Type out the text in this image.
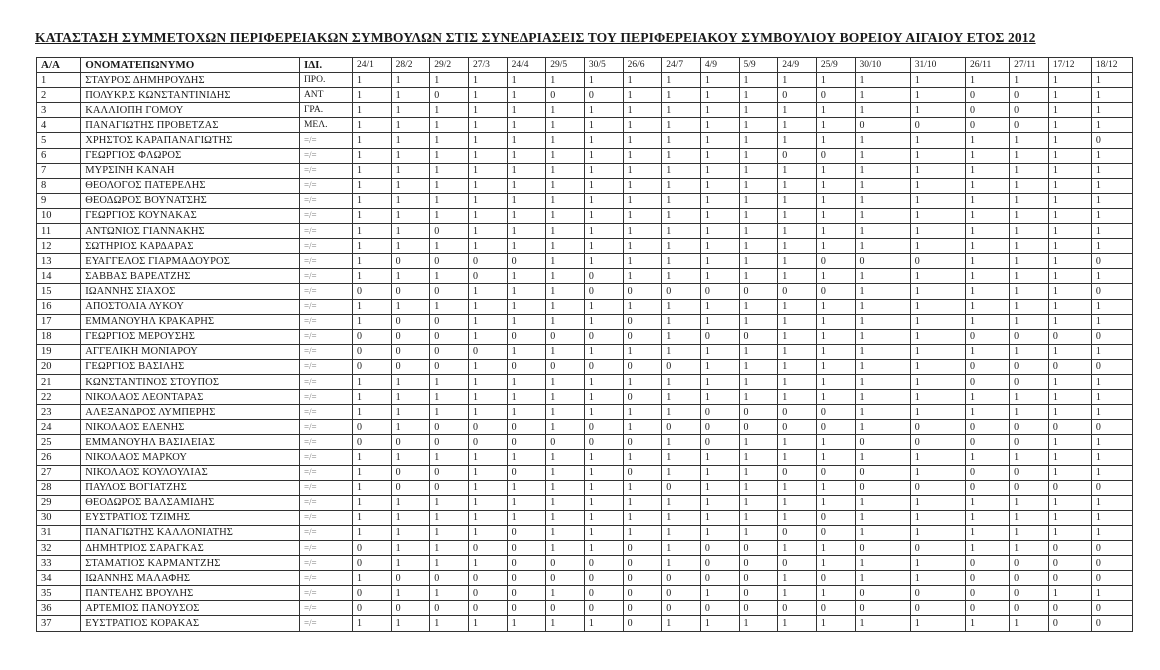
ΚΑΤΑΣΤΑΣΗ ΣΥΜΜΕΤΟΧΩΝ ΠΕΡΙΦΕΡΕΙΑΚΩΝ ΣΥΜΒΟΥΛΩΝ ΣΤΙΣ ΣΥΝΕΔΡΙΑΣΕΙΣ ΤΟΥ ΠΕΡΙΦΕΡΕΙΑΚΟΥ ΣΥΜΒΟΥΛΙΟΥ ΒΟΡΕΙΟΥ ΑΙΓΑΙΟΥ ΕΤΟΣ 2012
Α/Α	ΟΝΟΜΑΤΕΠΩΝΥΜΟ	ΙΔΙ.	24/1	28/2	29/2	27/3	24/4	29/5	30/5	26/6	24/7	4/9	5/9	24/9	25/9	30/10	31/10	26/11	27/11	17/12	18/12
1	ΣΤΑΥΡΟΣ ΔΗΜΗΡΟΥΔΗΣ	ΠΡΟ.	1	1	1	1	1	1	1	1	1	1	1	1	1	1	1	1	1	1	1
2	ΠΟΛΥΚΡ.Σ ΚΩΝΣΤΑΝΤΙΝΙΔΗΣ	ΑΝΤ	1	1	0	1	1	0	0	1	1	1	1	0	0	1	1	0	0	1	1
3	ΚΑΛΛΙΟΠΗ ΓΟΜΟΥ	ΓΡΑ.	1	1	1	1	1	1	1	1	1	1	1	1	1	1	1	0	0	1	1
4	ΠΑΝΑΓΙΩΤΗΣ ΠΡΟΒΕΤΖΑΣ	ΜΕΛ.	1	1	1	1	1	1	1	1	1	1	1	1	1	0	0	0	0	1	1
5	ΧΡΗΣΤΟΣ ΚΑΡΑΠΑΝΑΓΙΩΤΗΣ	=/=	1	1	1	1	1	1	1	1	1	1	1	1	1	1	1	1	1	1	0
6	ΓΕΩΡΓΙΟΣ ΦΛΩΡΟΣ	=/=	1	1	1	1	1	1	1	1	1	1	1	0	0	1	1	1	1	1	1
7	ΜΥΡΣΙΝΗ ΚΑΝΑΗ	=/=	1	1	1	1	1	1	1	1	1	1	1	1	1	1	1	1	1	1	1
8	ΘΕΟΛΟΓΟΣ ΠΑΤΕΡΕΛΗΣ	=/=	1	1	1	1	1	1	1	1	1	1	1	1	1	1	1	1	1	1	1
9	ΘΕΟΔΩΡΟΣ ΒΟΥΝΑΤΣΗΣ	=/=	1	1	1	1	1	1	1	1	1	1	1	1	1	1	1	1	1	1	1
10	ΓΕΩΡΓΙΟΣ ΚΟΥΝΑΚΑΣ	=/=	1	1	1	1	1	1	1	1	1	1	1	1	1	1	1	1	1	1	1
11	ΑΝΤΩΝΙΟΣ ΓΙΑΝΝΑΚΗΣ	=/=	1	1	0	1	1	1	1	1	1	1	1	1	1	1	1	1	1	1	1
12	ΣΩΤΗΡΙΟΣ ΚΑΡΔΑΡΑΣ	=/=	1	1	1	1	1	1	1	1	1	1	1	1	1	1	1	1	1	1	1
13	ΕΥΑΓΓΕΛΟΣ ΓΙΑΡΜΑΔΟΥΡΟΣ	=/=	1	0	0	0	0	1	1	1	1	1	1	1	0	0	0	1	1	1	0
14	ΣΑΒΒΑΣ ΒΑΡΕΛΤΖΗΣ	=/=	1	1	1	0	1	1	0	1	1	1	1	1	1	1	1	1	1	1	1
15	ΙΩΑΝΝΗΣ ΣΙΑΧΟΣ	=/=	0	0	0	1	1	1	0	0	0	0	0	0	0	1	1	1	1	1	0
16	ΑΠΟΣΤΟΛΙΑ ΛΥΚΟΥ	=/=	1	1	1	1	1	1	1	1	1	1	1	1	1	1	1	1	1	1	1
17	ΕΜΜΑΝΟΥΗΛ ΚΡΑΚΑΡΗΣ	=/=	1	0	0	1	1	1	1	0	1	1	1	1	1	1	1	1	1	1	1
18	ΓΕΩΡΓΙΟΣ ΜΕΡΟΥΣΗΣ	=/=	0	0	0	1	0	0	0	0	1	0	0	1	1	1	1	0	0	0	0
19	ΑΓΓΕΛΙΚΗ ΜΟΝΙΑΡΟΥ	=/=	0	0	0	0	1	1	1	1	1	1	1	1	1	1	1	1	1	1	1
20	ΓΕΩΡΓΙΟΣ ΒΑΣΙΛΗΣ	=/=	0	0	0	1	0	0	0	0	0	1	1	1	1	1	1	0	0	0	0
21	ΚΩΝΣΤΑΝΤΙΝΟΣ ΣΤΟΥΠΟΣ	=/=	1	1	1	1	1	1	1	1	1	1	1	1	1	1	1	0	0	1	1
22	ΝΙΚΟΛΑΟΣ ΛΕΟΝΤΑΡΑΣ	=/=	1	1	1	1	1	1	1	0	1	1	1	1	1	1	1	1	1	1	1
23	ΑΛΕΞΑΝΔΡΟΣ ΛΥΜΠΕΡΗΣ	=/=	1	1	1	1	1	1	1	1	1	0	0	0	0	1	1	1	1	1	1
24	ΝΙΚΟΛΑΟΣ ΕΛΕΝΗΣ	=/=	0	1	0	0	0	1	0	1	0	0	0	0	0	1	0	0	0	0	0
25	ΕΜΜΑΝΟΥΗΛ ΒΑΣΙΛΕΙΑΣ	=/=	0	0	0	0	0	0	0	0	1	0	1	1	1	0	0	0	0	1	1
26	ΝΙΚΟΛΑΟΣ ΜΑΡΚΟΥ	=/=	1	1	1	1	1	1	1	1	1	1	1	1	1	1	1	1	1	1	1
27	ΝΙΚΟΛΑΟΣ ΚΟΥΛΟΥΛΙΑΣ	=/=	1	0	0	1	0	1	1	0	1	1	1	0	0	0	1	0	0	1	1
28	ΠΑΥΛΟΣ ΒΟΓΙΑΤΖΗΣ	=/=	1	0	0	1	1	1	1	1	0	1	1	1	1	0	0	0	0	0	0
29	ΘΕΟΔΩΡΟΣ ΒΑΛΣΑΜΙΔΗΣ	=/=	1	1	1	1	1	1	1	1	1	1	1	1	1	1	1	1	1	1	1
30	ΕΥΣΤΡΑΤΙΟΣ ΤΖΙΜΗΣ	=/=	1	1	1	1	1	1	1	1	1	1	1	1	0	1	1	1	1	1	1
31	ΠΑΝΑΓΙΩΤΗΣ ΚΑΛΛΟΝΙΑΤΗΣ	=/=	1	1	1	1	0	1	1	1	1	1	1	0	0	1	1	1	1	1	1
32	ΔΗΜΗΤΡΙΟΣ ΣΑΡΑΓΚΑΣ	=/=	0	1	1	0	0	1	1	0	1	0	0	1	1	0	0	1	1	0	0
33	ΣΤΑΜΑΤΙΟΣ ΚΑΡΜΑΝΤΖΗΣ	=/=	0	1	1	1	0	0	0	0	1	0	0	0	1	1	1	0	0	0	0
34	ΙΩΑΝΝΗΣ ΜΑΛΑΦΗΣ	=/=	1	0	0	0	0	0	0	0	0	0	0	1	0	1	1	0	0	0	0
35	ΠΑΝΤΕΛΗΣ ΒΡΟΥΛΗΣ	=/=	0	1	1	0	0	1	0	0	0	1	0	1	1	0	0	0	0	1	1
36	ΑΡΤΕΜΙΟΣ ΠΑΝΟΥΣΟΣ	=/=	0	0	0	0	0	0	0	0	0	0	0	0	0	0	0	0	0	0	0
37	ΕΥΣΤΡΑΤΙΟΣ ΚΟΡΑΚΑΣ	=/=	1	1	1	1	1	1	1	0	1	1	1	1	1	1	1	1	1	0	0
